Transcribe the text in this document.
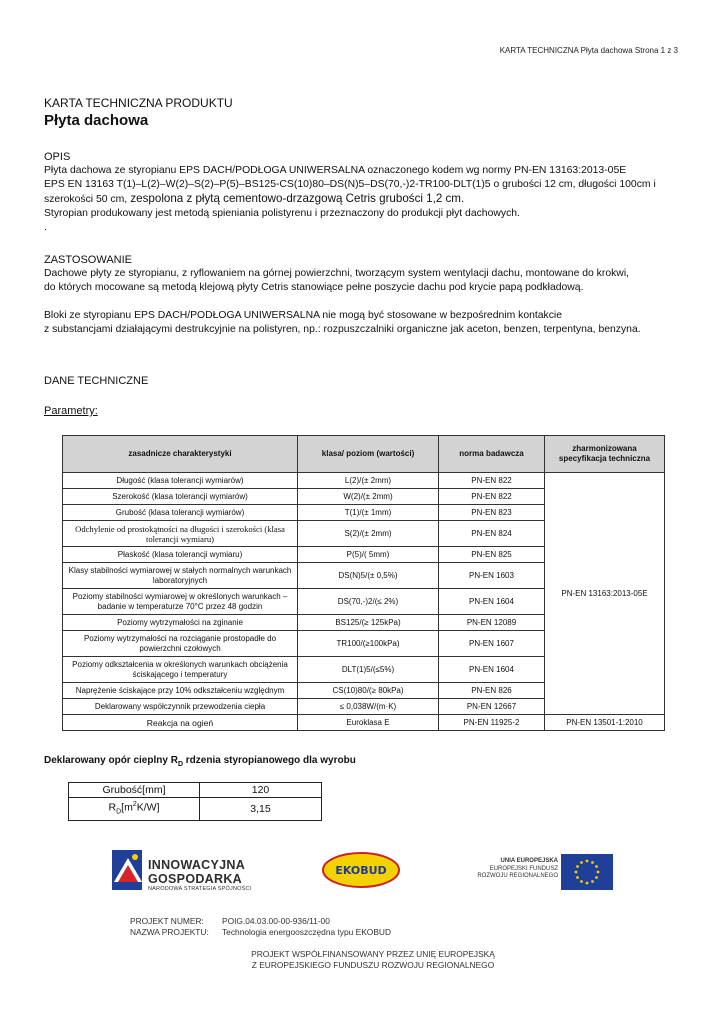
KARTA TECHNICZNA Płyta dachowa Strona 1 z 3

KARTA TECHNICZNA PRODUKTU

Płyta dachowa

OPIS

Płyta dachowa ze styropianu EPS DACH/PODŁOGA UNIWERSALNA oznaczonego kodem wg normy PN-EN 13163:2013-05E

EPS EN 13163 T(1)–L(2)–W(2)–S(2)–P(5)–BS125-CS(10)80–DS(N)5–DS(70,-)2-TR100-DLT(1)5 o grubości 12 cm, długości 100cm i

szerokości 50 cm, zespolona z płytą cementowo-drzazgową Cetris grubości 1,2 cm.

Styropian produkowany jest metodą spieniania polistyrenu i przeznaczony do produkcji płyt dachowych.

.

ZASTOSOWANIE

Dachowe płyty ze styropianu, z ryflowaniem na górnej powierzchni, tworzącym system wentylacji dachu, montowane do krokwi,

do których mocowane są metodą klejową płyty Cetris stanowiące pełne poszycie dachu pod krycie papą podkładową.

Bloki ze styropianu EPS DACH/PODŁOGA UNIWERSALNA nie mogą być stosowane w bezpośrednim kontakcie

z substancjami działającymi destrukcyjnie na polistyren, np.: rozpuszczalniki organiczne jak aceton, benzen, terpentyna, benzyna.

DANE TECHNICZNE
Parametry:
zasadnicze charakterystyki	klasa/ poziom (wartości)	norma badawcza	zharmonizowana specyfikacja techniczna
Długość (klasa tolerancji wymiarów)	L(2)/(± 2mm)	PN-EN 822	PN-EN 13163:2013-05E
Szerokość (klasa tolerancji wymiarów)	W(2)/(± 2mm)	PN-EN 822	
Grubość (klasa tolerancji wymiarów)	T(1)/(± 1mm)	PN-EN 823	
Odchylenie od prostokątności na długości i szerokości (klasa tolerancji wymiaru)	S(2)/(± 2mm)	PN-EN 824	
Płaskość (klasa tolerancji wymiaru)	P(5)/( 5mm)	PN-EN 825	
Klasy stabilności wymiarowej w stałych normalnych warunkach laboratoryjnych	DS(N)5/(± 0,5%)	PN-EN 1603	
Poziomy stabilności wymiarowej w określonych warunkach – badanie w temperaturze 70°C przez 48 godzin	DS(70,-)2/(≤ 2%)	PN-EN 1604	
Poziomy wytrzymałości na zginanie	BS125/(≥ 125kPa)	PN-EN 12089	
Poziomy wytrzymałości na rozciąganie prostopadłe do powierzchni czołowych	TR100/(≥100kPa)	PN-EN 1607	
Poziomy odkształcenia w określonych warunkach obciążenia ściskającego i temperatury	DLT(1)5/(≤5%)	PN-EN 1604	
Naprężenie ściskające przy 10% odkształceniu względnym	CS(10)80/(≥ 80kPa)	PN-EN 826	
Deklarowany współczynnik przewodzenia ciepła	≤ 0,038W/(m·K)	PN-EN 12667	
Reakcja na ogień	Euroklasa E	PN-EN 11925-2	PN-EN 13501-1:2010
Deklarowany opór cieplny $R_D$ rdzenia styropianowego dla wyrobu
Grubość[mm]	120
$R_D[m^2K/W]$	3,15
INNOWACYJNA
GOSPODARKA
NARODOWA STRATEGIA SPÓJNOŚCI
EKOBUD
UNIA EUROPEJSKA
EUROPEJSKI FUNDUSZ
ROZWOJU REGIONALNEGO
PROJEKT NUMER: POIG.04.03.00-00-936/11-00
NAZWA PROJEKTU: Technologia energooszczędna typu EKOBUD
PROJEKT WSPÓŁFINANSOWANY PRZEZ UNIĘ EUROPEJSKĄ
Z EUROPEJSKIEGO FUNDUSZU ROZWOJU REGIONALNEGO
